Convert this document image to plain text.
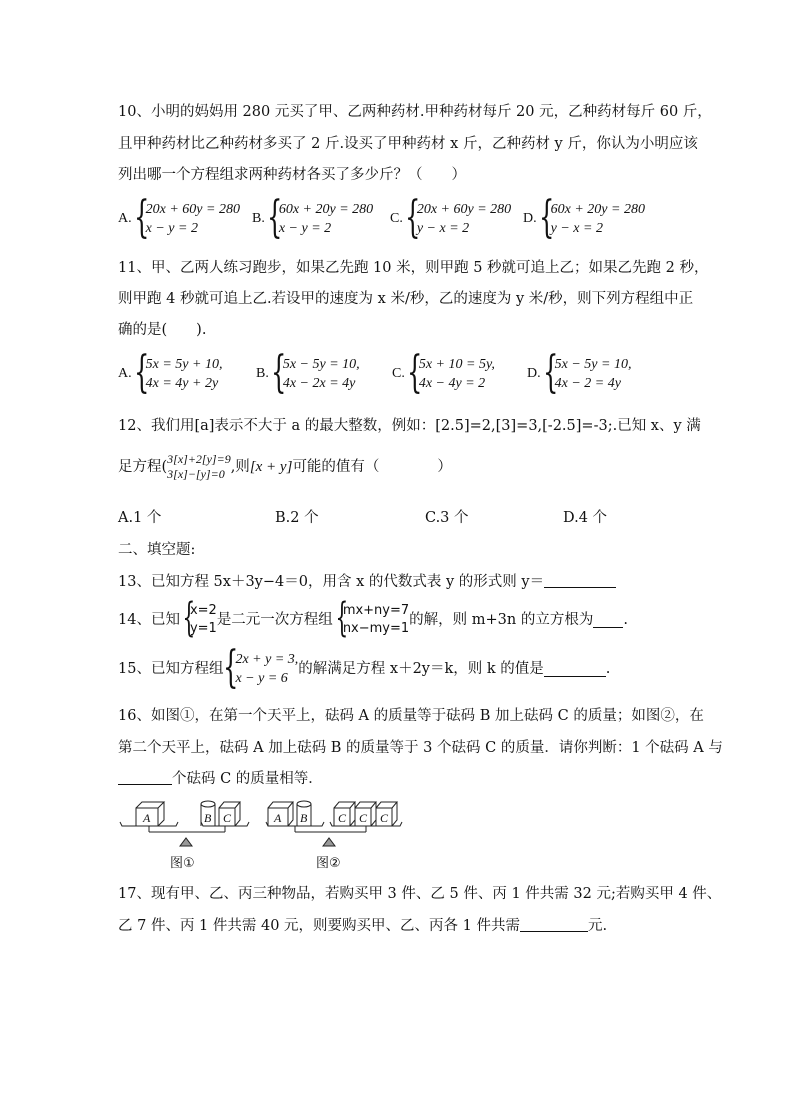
10、小明的妈妈用 280 元买了甲、乙两种药材.甲种药材每斤 20 元，乙种药材每斤 60 斤，
且甲种药材比乙种药材多买了 2 斤.设买了甲种药材 x 斤，乙种药材 y 斤，你认为小明应该
列出哪一个方程组求两种药材各买了多少斤？（　　）
A. {
20x + 60y = 280
x − y = 2
B. {
60x + 20y = 280
x − y = 2
C. {
20x + 60y = 280
y − x = 2
D. {
60x + 20y = 280
y − x = 2
11、甲、乙两人练习跑步，如果乙先跑 10 米，则甲跑 5 秒就可追上乙；如果乙先跑 2 秒，
则甲跑 4 秒就可追上乙.若设甲的速度为 x 米/秒，乙的速度为 y 米/秒，则下列方程组中正
确的是(　　).
A. {
5x = 5y + 10,
4x = 4y + 2y
B. {
5x − 5y = 10,
4x − 2x = 4y
C. {
5x + 10 = 5y,
4x − 4y = 2
D. {
5x − 5y = 10,
4x − 2 = 4y
12、我们用[a]表示不大于 a 的最大整数，例如：[2.5]=2,[3]=3,[-2.5]=-3;.已知 x、y 满
足方程( 3[x]+2[y]=9
3[x]−[y]=0 ,则 [x + y] 可能的值有（　　　　）
A.1 个	B.2 个	C.3 个	D.4 个
二、填空题:
13、已知方程 5x＋3y−4＝0，用含 x 的代数式表 y 的形式则 y＝
14、已知 {
x=2
y=1
是二元一次方程组 {
mx+ny=7
nx−my=1
的解，则 m+3n 的立方根为 .
15、已知方程组 {
2x + y = 3,
x − y = 6
的解满足方程 x＋2y＝k，则 k 的值是	.
16、如图①，在第一个天平上，砝码 A 的质量等于砝码 B 加上砝码 C 的质量；如图②，在
第二个天平上，砝码 A 加上砝码 B 的质量等于 3 个砝码 C 的质量．请你判断：1 个砝码 A 与
个砝码 C 的质量相等．
A	B C	A B	C C C
图①	图②
17、现有甲、乙、丙三种物品，若购买甲 3 件、乙 5 件、丙 1 件共需 32 元;若购买甲 4 件、
乙 7 件、丙 1 件共需 40 元，则要购买甲、乙、丙各 1 件共需	元.
